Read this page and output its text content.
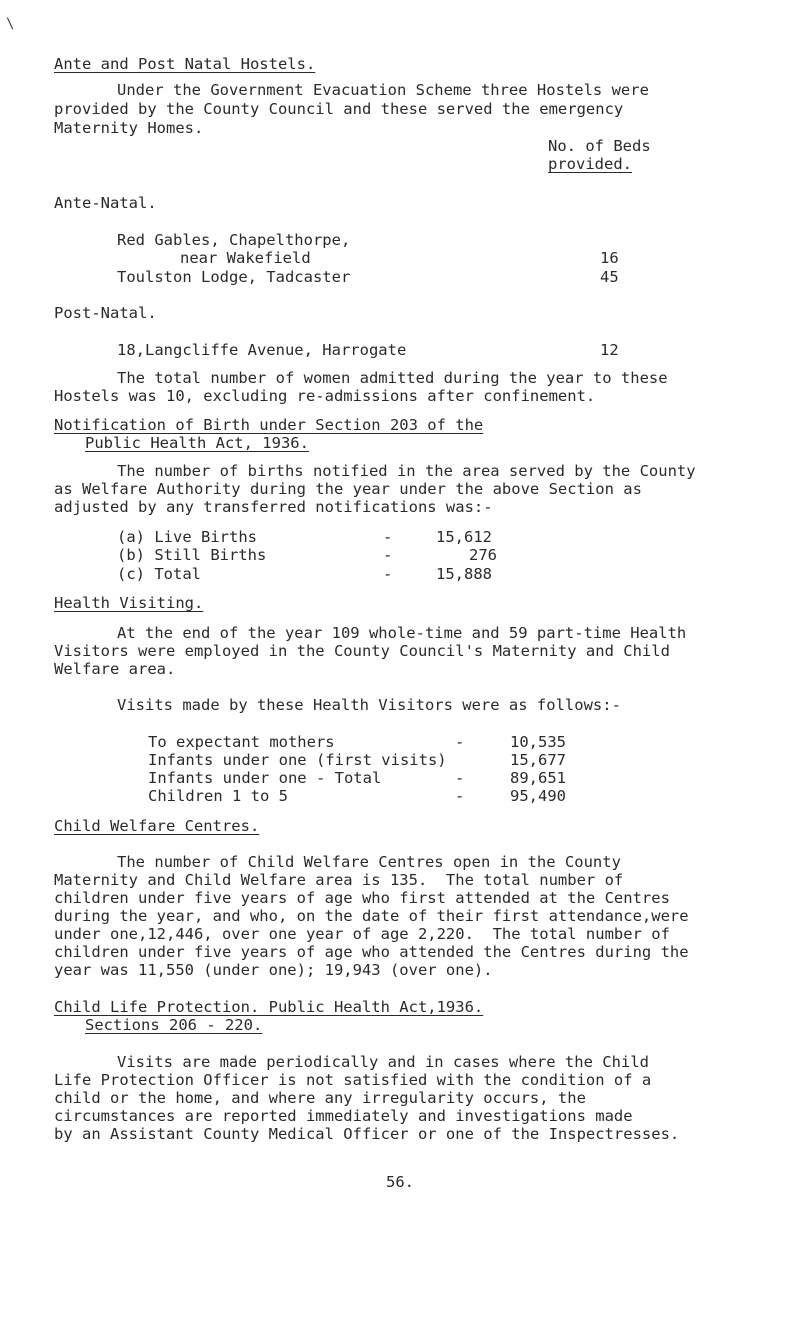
\
Ante and Post Natal Hostels.
Under the Government Evacuation Scheme three Hostels were
provided by the County Council and these served the emergency
Maternity Homes.
No. of Beds
provided.
Ante-Natal.
Red Gables, Chapelthorpe,
near Wakefield	16
Toulston Lodge, Tadcaster	45
Post-Natal.
18,Langcliffe Avenue, Harrogate	12
The total number of women admitted during the year to these
Hostels was 10, excluding re-admissions after confinement.
Notification of Birth under Section 203 of the
Public Health Act, 1936.
The number of births notified in the area served by the County
as Welfare Authority during the year under the above Section as
adjusted by any transferred notifications was:-
(a) Live Births	-	15,612
(b) Still Births	-	276
(c) Total	-	15,888
Health Visiting.
At the end of the year 109 whole-time and 59 part-time Health
Visitors were employed in the County Council's Maternity and Child
Welfare area.
Visits made by these Health Visitors were as follows:-
To expectant mothers	-	10,535
Infants under one (first visits)	15,677
Infants under one - Total	-	89,651
Children 1 to 5	-	95,490
Child Welfare Centres.
The number of Child Welfare Centres open in the County
Maternity and Child Welfare area is 135.  The total number of
children under five years of age who first attended at the Centres
during the year, and who, on the date of their first attendance,were
under one,12,446, over one year of age 2,220.  The total number of
children under five years of age who attended the Centres during the
year was 11,550 (under one); 19,943 (over one).
Child Life Protection. Public Health Act,1936.
Sections 206 - 220.
Visits are made periodically and in cases where the Child
Life Protection Officer is not satisfied with the condition of a
child or the home, and where any irregularity occurs, the
circumstances are reported immediately and investigations made
by an Assistant County Medical Officer or one of the Inspectresses.
56.
